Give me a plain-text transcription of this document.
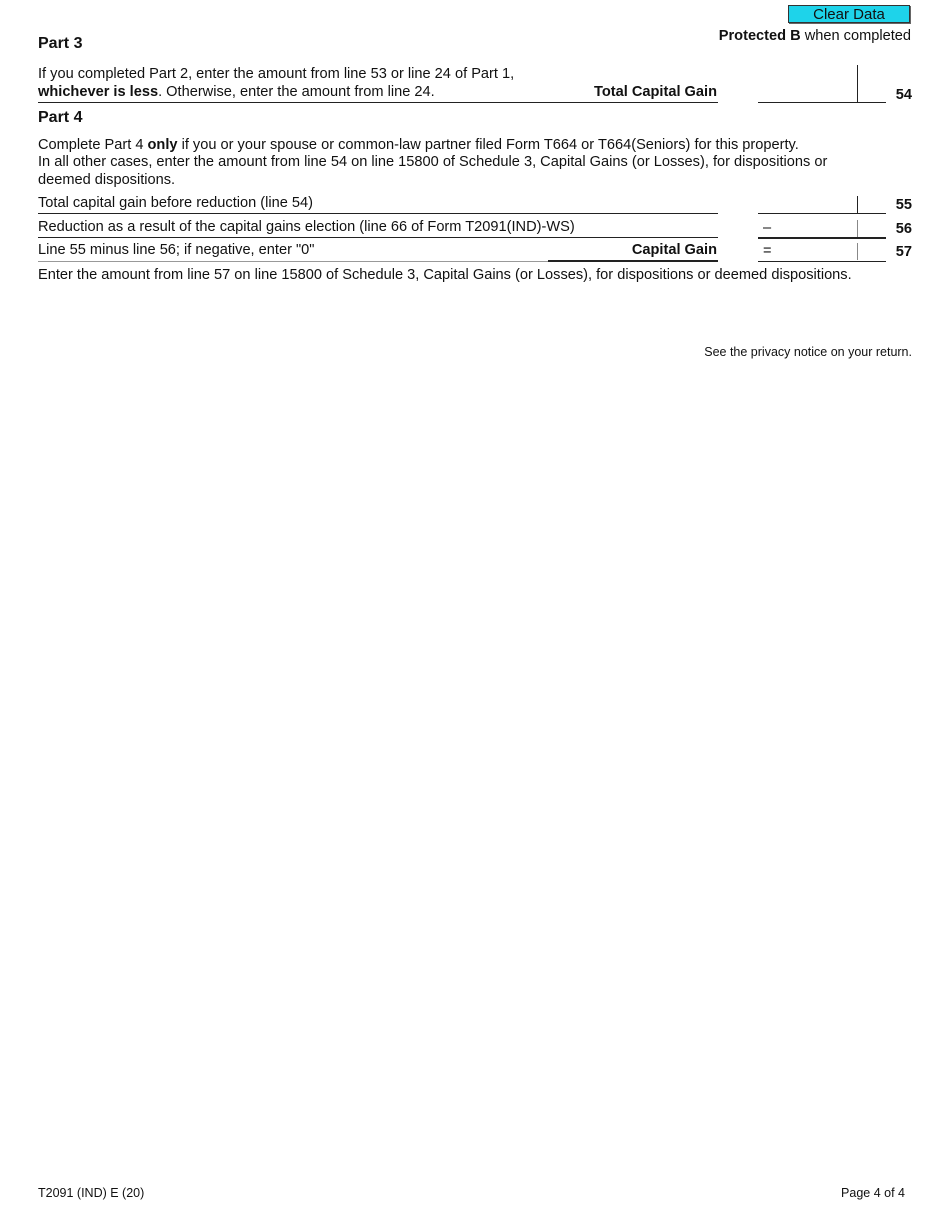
Clear Data
Protected B when completed
Part 3
If you completed Part 2, enter the amount from line 53 or line 24 of Part 1,
whichever is less. Otherwise, enter the amount from line 24.	Total Capital Gain	54
Part 4
Complete Part 4 only if you or your spouse or common-law partner filed Form T664 or T664(Seniors) for this property.
In all other cases, enter the amount from line 54 on line 15800 of Schedule 3, Capital Gains (or Losses), for dispositions or
deemed dispositions.
Total capital gain before reduction (line 54)	55
Reduction as a result of the capital gains election (line 66 of Form T2091(IND)-WS)	–	56
Line 55 minus line 56; if negative, enter "0"	Capital Gain	=	57
Enter the amount from line 57 on line 15800 of Schedule 3, Capital Gains (or Losses), for dispositions or deemed dispositions.
See the privacy notice on your return.
T2091 (IND) E (20)	Page 4 of 4
